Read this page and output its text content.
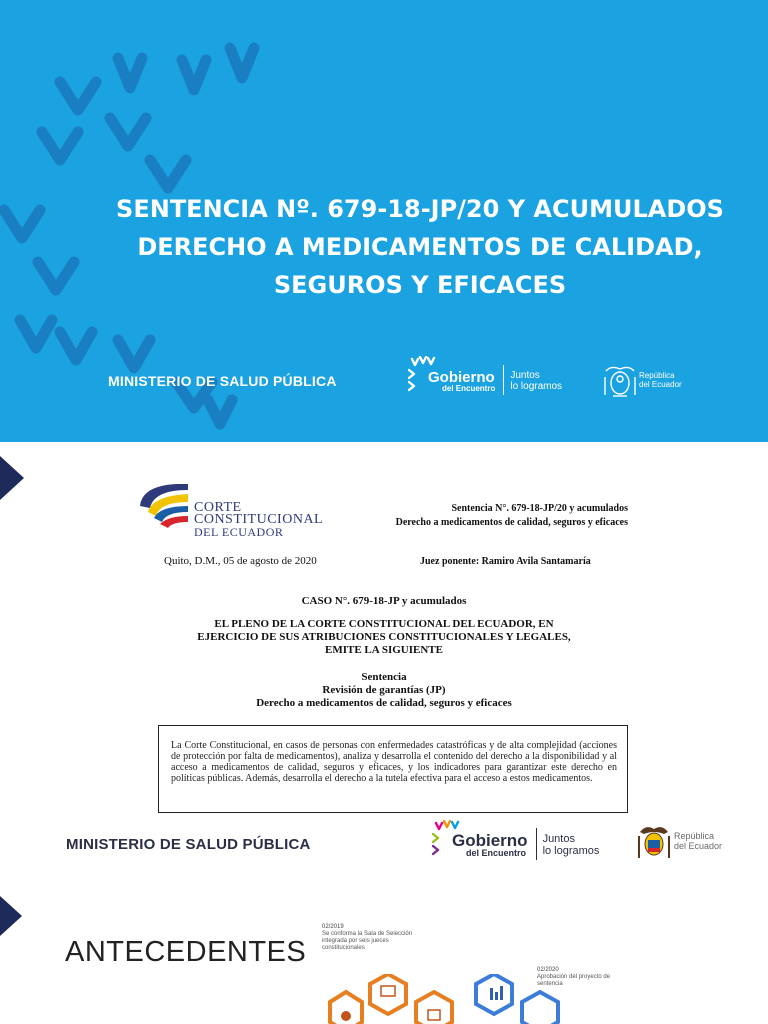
SENTENCIA Nº. 679-18-JP/20 Y ACUMULADOS
DERECHO A MEDICAMENTOS DE CALIDAD,
SEGUROS Y EFICACES
MINISTERIO DE SALUD PÚBLICA	Gobierno
del Encuentro
Juntos
lo logramos
República
del Ecuador
CORTE
CONSTITUCIONAL
DEL ECUADOR
Sentencia N°. 679-18-JP/20 y acumulados
Derecho a medicamentos de calidad, seguros y eficaces
Quito, D.M., 05 de agosto de 2020	Juez ponente: Ramiro Avila Santamaría
CASO N°. 679-18-JP y acumulados
EL PLENO DE LA CORTE CONSTITUCIONAL DEL ECUADOR, EN
EJERCICIO DE SUS ATRIBUCIONES CONSTITUCIONALES Y LEGALES,
EMITE LA SIGUIENTE
Sentencia
Revisión de garantías (JP)
Derecho a medicamentos de calidad, seguros y eficaces
La Corte Constitucional, en casos de personas con enfermedades catastróficas y de alta complejidad (acciones de protección por falta de medicamentos), analiza y desarrolla el contenido del derecho a la disponibilidad y al acceso a medicamentos de calidad, seguros y eficaces, y los indicadores para garantizar este derecho en políticas públicas. Además, desarrolla el derecho a la tutela efectiva para el acceso a estos medicamentos.
MINISTERIO DE SALUD PÚBLICA	Gobierno
del Encuentro
Juntos
lo logramos
República
del Ecuador
ANTECEDENTES
02/2019
Se conforma la Sala de Selección
integrada por seis jueces
constitucionales
02/2020
Aprobación del proyecto de
sentencia
